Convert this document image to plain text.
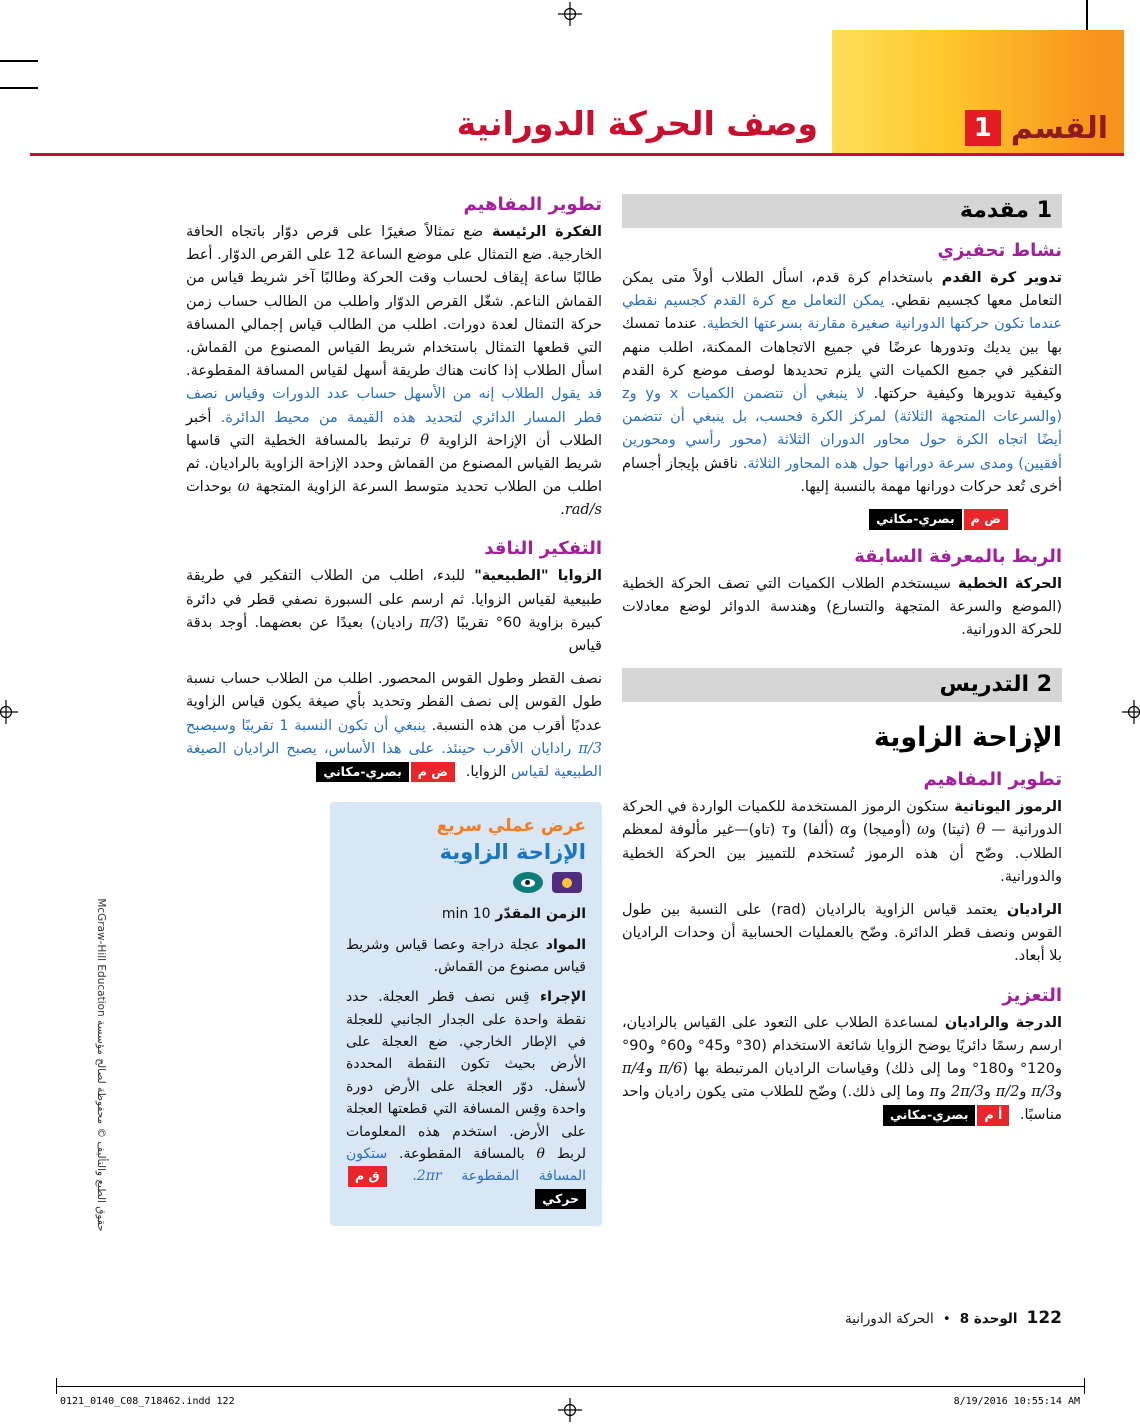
القسم
1
وصف الحركة الدورانية
1 مقدمة
نشاط تحفيزي

تدوير كرة القدم باستخدام كرة قدم، اسأل الطلاب أولاً متى يمكن التعامل معها كجسيم نقطي. يمكن التعامل مع كرة القدم كجسيم نقطي عندما تكون حركتها الدورانية صغيرة مقارنة بسرعتها الخطية. عندما تمسك بها بين يديك وتدورها عرضًا في جميع الاتجاهات الممكنة، اطلب منهم التفكير في جميع الكميات التي يلزم تحديدها لوصف موضع كرة القدم وكيفية تدويرها وكيفية حركتها. لا ينبغي أن تتضمن الكميات x وy وz (والسرعات المتجهة الثلاثة) لمركز الكرة فحسب، بل ينبغي أن تتضمن أيضًا اتجاه الكرة حول محاور الدوران الثلاثة (محور رأسي ومحورين أفقيين) ومدى سرعة دورانها حول هذه المحاور الثلاثة. ناقش بإيجاز أجسام أخرى تُعد حركات دورانها مهمة بالنسبة إليها.

ض مبصري-مكاني
الربط بالمعرفة السابقة

الحركة الخطية سيستخدم الطلاب الكميات التي تصف الحركة الخطية (الموضع والسرعة المتجهة والتسارع) وهندسة الدوائر لوضع معادلات للحركة الدورانية.

2 التدريس
الإزاحة الزاوية
تطوير المفاهيم

الرموز اليونانية ستكون الرموز المستخدمة للكميات الواردة في الحركة الدورانية — θ (ثيتا) وω (أوميجا) وα (ألفا) وτ (تاو)—غير مألوفة لمعظم الطلاب. وضّح أن هذه الرموز تُستخدم للتمييز بين الحركة الخطية والدورانية.

الراديان يعتمد قياس الزاوية بالراديان (rad) على النسبة بين طول القوس ونصف قطر الدائرة. وضّح بالعمليات الحسابية أن وحدات الراديان بلا أبعاد.

التعزيز

الدرجة والراديان لمساعدة الطلاب على التعود على القياس بالراديان، ارسم رسمًا دائريًا يوضح الزوايا شائعة الاستخدام (30° و45° و60° و90° و120° و180° وما إلى ذلك) وقياسات الراديان المرتبطة بها (π/6 وπ/4 وπ/3 وπ/2 و2π/3 وπ وما إلى ذلك.) وضّح للطلاب متى يكون راديان واحد مناسبًا. أ مبصري-مكاني

تطوير المفاهيم

الفكرة الرئيسة ضع تمثالاً صغيرًا على قرص دوّار باتجاه الحافة الخارجية. ضع التمثال على موضع الساعة 12 على القرص الدوّار. أعط طالبًا ساعة إيقاف لحساب وقت الحركة وطالبًا آخر شريط قياس من القماش الناعم. شغّل القرص الدوّار واطلب من الطالب حساب زمن حركة التمثال لعدة دورات. اطلب من الطالب قياس إجمالي المسافة التي قطعها التمثال باستخدام شريط القياس المصنوع من القماش. اسأل الطلاب إذا كانت هناك طريقة أسهل لقياس المسافة المقطوعة. قد يقول الطلاب إنه من الأسهل حساب عدد الدورات وقياس نصف قطر المسار الدائري لتحديد هذه القيمة من محيط الدائرة. أخبر الطلاب أن الإزاحة الزاوية θ ترتبط بالمسافة الخطية التي قاسها شريط القياس المصنوع من القماش وحدد الإزاحة الزاوية بالراديان. ثم اطلب من الطلاب تحديد متوسط السرعة الزاوية المتجهة ω بوحدات rad/s.

التفكير الناقد

الزوايا "الطبيعية" للبدء، اطلب من الطلاب التفكير في طريقة طبيعية لقياس الزوايا. ثم ارسم على السبورة نصفي قطر في دائرة كبيرة بزاوية 60° تقريبًا (π/3 راديان) بعيدًا عن بعضهما. أوجد بدقة قياس

نصف القطر وطول القوس المحصور. اطلب من الطلاب حساب نسبة طول القوس إلى نصف القطر وتحديد بأي صيغة يكون قياس الزاوية عدديًا أقرب من هذه النسبة. ينبغي أن تكون النسبة 1 تقريبًا وسيصبح π/3 رادايان الأقرب حينئذ. على هذا الأساس، يصبح الراديان الصيغة الطبيعية لقياس الزوايا. ض مبصري-مكاني

عرض عملي سريع
الإزاحة الزاوية

الزمن المقدّر 10 min

المواد عجلة دراجة وعصا قياس وشريط قياس مصنوع من القماش.

الإجراء قِس نصف قطر العجلة. حدد نقطة واحدة على الجدار الجانبي للعجلة في الإطار الخارجي. ضع العجلة على الأرض بحيث تكون النقطة المحددة لأسفل. دوّر العجلة على الأرض دورة واحدة وقِس المسافة التي قطعتها العجلة على الأرض. استخدم هذه المعلومات لربط θ بالمسافة المقطوعة. ستكون المسافة المقطوعة 2πr. ق محركي

حقوق الطبع والتأليف © محفوظة لصالح مؤسسة McGraw-Hill Education
122
الوحدة 8
•
الحركة الدورانية
0121_0140_C08_718462.indd 122	8/19/2016 10:55:14 AM
